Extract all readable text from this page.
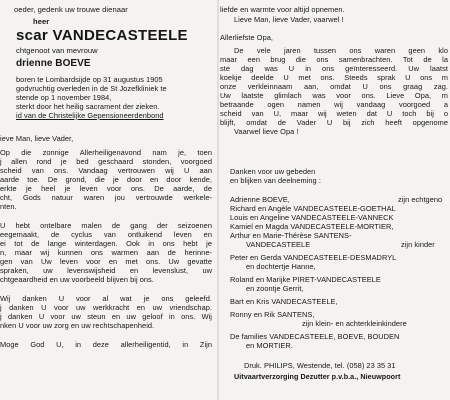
oeder, gedenk uw trouwe dienaar
heer
scar VANDECASTEELE
chtgenoot van mevrouw
drienne BOEVE
boren te Lombardsijde op 31 augustus 1905
godvruchtig overleden in de St Jozefkliniek te
stende op 1 november 1984,
sterkt door het heilig sacrament der zieken.
id van de Christelijke Gepensioneerdenbond
ieve Man, lieve Vader,
Op die zonnige Allerheiligenavond nam je, toen
j allen rond je bed geschaard stonden, voorgoed
scheid van ons. Vandaag vertrouwen wij U aan
aarde toe. De grond, die je door en door kende,
erkte je heel je leven voor ons. De aarde, de
cht, Gods natuur waren jou vertrouwde werkele-
nten.
U hebt ontelbare malen de gang der seizoenen
eegemaakt, de cyclus van ontluikend leven en
ei tot de lange winterdagen. Ook in ons hebt je
n, maar wij kunnen ons warmen aan de herinne-
gen van Uw leven voor en met ons. Uw gevatte
spraken, uw levenswijsheid en levenslust, uw
chtgeaardheid en uw voorbeeld blijven bij ons.
Wij danken U voor al wat je ons geleefd.
j danken U voor uw werkkracht en uw vriendschap.
j danken U voor uw steun en uw geloof in ons. Wij
nken U voor uw zorg en uw rechtschapenheid.
Moge God U, in deze allerheiligentid, in Zijn
liefde en warmte voor altijd opnemen.
Lieve Man, lieve Vader, vaarwel !
Allerliefste Opa,
De vele jaren tussen ons waren geen klo
maar een brug die ons samenbrachten. Tot de la
ste dag was U in ons geïnteresseerd. Uw laatst
koekje deelde U met ons. Steeds sprak U ons m
onze verkleinnaam aan, omdat U ons graag zag.
Uw laatste glimlach was voor ons. Lieve Opa, m
betraande ogen namen wij vandaag voorgoed a
scheid van U, maar wij weten dat U toch bij o
blijft, omdat de Vader U bij zich heeft opgenome
Vaarwel lieve Opa !
Danken voor uw gebeden
en blijken van deelneming :
Adrienne BOEVE,	zijn echtgeno
Richard en Angèle VANDECASTEELE-GOETHAL
Louis en Angeline VANDECASTEELE-VANNECK
Kamiel en Magda VANDECASTEELE-MORTIER,
Arthur en Marie-Thérèse SANTENS-
VANDECASTEELE	zijn kinder
Peter en Gerda VANDECASTEELE-DESMADRYL
en dochtertje Hanne,
Roland en Marijke PIRET-VANDECASTEELE
en zoontje Gerrit,
Bart en Kris VANDECASTEELE,
Ronny en Rik SANTENS,
zijn klein- en achterkleinkindere
De families VANDECASTEELE, BOEVE, BOUDEN
en MORTIER.
Druk. PHILIPS, Westende, tel. (058) 23 35 31
Uitvaartverzorging Dezutter p.v.b.a., Nieuwpoort
